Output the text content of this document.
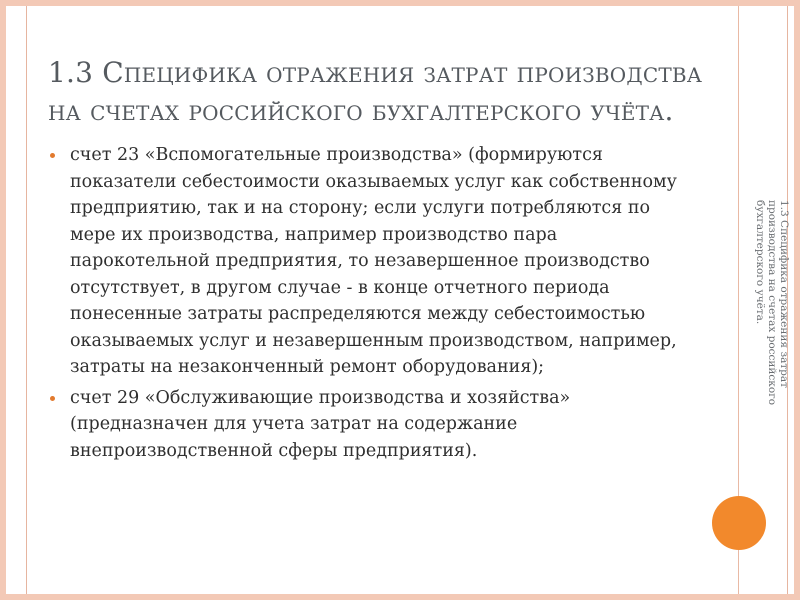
1.3 Специфика отражения затрат производства на счетах российского бухгалтерского учёта.
счет 23 «Вспомогательные производства» (формируются показатели себестоимости оказываемых услуг как собственному предприятию, так и на сторону; если услуги потребляются по мере их производства, например производство пара парокотельной предприятия, то незавершенное производство отсутствует, в другом случае - в конце отчетного периода понесенные затраты распределяются между себестоимостью оказываемых услуг и незавершенным производством, например, затраты на незаконченный ремонт оборудования);
счет 29 «Обслуживающие производства и хозяйства» (предназначен для учета затрат на содержание внепроизводственной сферы предприятия).
1.3 Специфика отражения затрат производства на счетах российского бухгалтерского учёта.
